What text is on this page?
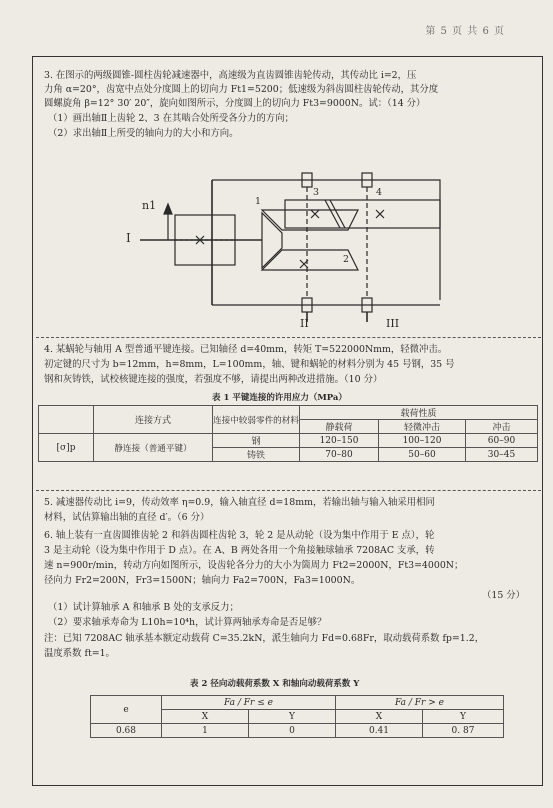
第 5 页 共 6 页
3. 在图示的两级圆锥-圆柱齿轮减速器中，高速级为直齿圆锥齿轮传动，其传动比 i=2，压
力角 α=20°，齿宽中点处分度圆上的切向力 Ft1=5200；低速级为斜齿圆柱齿轮传动，其分度
圆螺旋角 β=12° 30′ 20″，旋向如图所示，分度圆上的切向力 Ft3=9000N。试：（14 分）
（1）画出轴Ⅱ上齿轮 2、3 在其啮合处所受各分力的方向；
（2）求出轴Ⅱ上所受的轴向力的大小和方向。
n1
I
1
2
3	4
II	III
4. 某蜗轮与轴用 A 型普通平键连接。已知轴径 d=40mm，转矩 T=522000Nmm，轻微冲击。
初定键的尺寸为 b=12mm，h=8mm，L=100mm，轴、键和蜗轮的材料分别为 45 号钢，35 号
钢和灰铸铁，试校核键连接的强度，若强度不够，请提出两种改进措施。（10 分）
表 1 平键连接的许用应力（MPa）
	连接方式	连接中较弱零件的材料	载荷性质		
			静载荷	轻微冲击	冲击
[σ]p	静连接（普通平键）	钢	120–150	100–120	60–90
		铸铁	70–80	50–60	30–45
5. 减速器传动比 i=9，传动效率 η=0.9，输入轴直径 d=18mm，若输出轴与输入轴采用相同
材料，试估算输出轴的直径 d′。（6 分）
6. 轴上装有一直齿圆锥齿轮 2 和斜齿圆柱齿轮 3，轮 2 是从动轮（设为集中作用于 E 点），轮
3 是主动轮（设为集中作用于 D 点）。在 A、B 两处各用一个角接触球轴承 7208AC 支承，转
速 n=900r/min，转动方向如图所示，设齿轮各分力的大小为箇周力 Ft2=2000N，Ft3=4000N；
径向力 Fr2=200N，Fr3=1500N；轴向力 Fa2=700N，Fa3=1000N。
（15 分）
（1）试计算轴承 A 和轴承 B 处的支承反力；
（2）要求轴承寿命为 L10h=10⁴h，试计算两轴承寿命是否足够？
注：已知 7208AC 轴承基本额定动载荷 C=35.2kN，派生轴向力 Fd=0.68Fr，取动载荷系数 fp=1.2，
温度系数 ft=1。
表 2 径向动载荷系数 X 和轴向动载荷系数 Y
e	Fa / Fr ≤ e		Fa / Fr > e	
	X	Y	X	Y
0.68	1	0	0.41	0. 87
